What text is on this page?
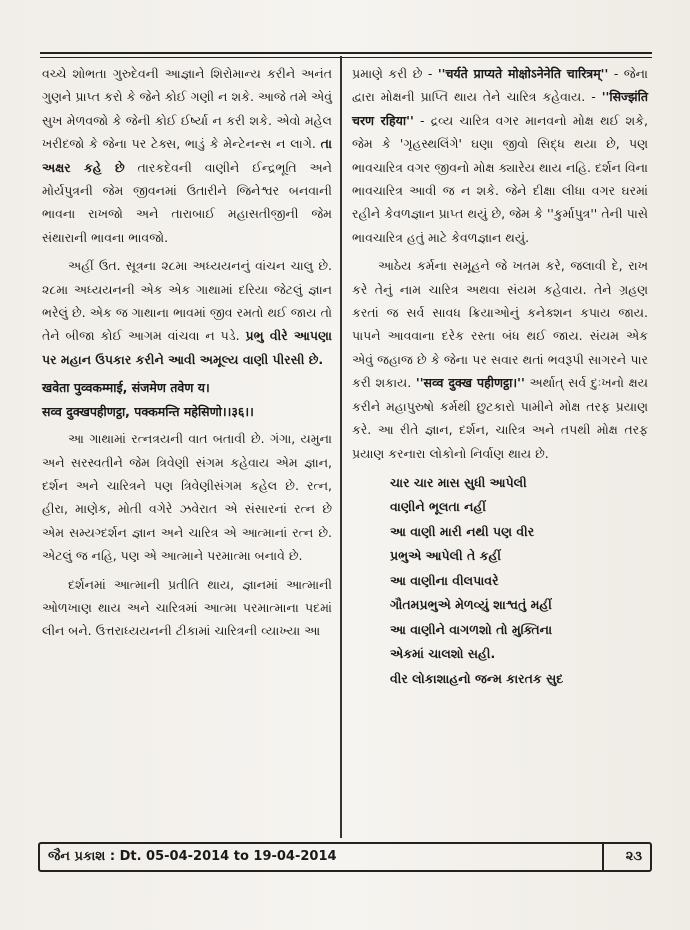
વચ્ચે શોભતા ગુરુદેવની આજ્ઞાને શિરોમાન્ય કરીને અનંત ગુણને પ્રાપ્ત કરો કે જેને કોઈ ગણી ન શકે. આજે તમે એવું સુખ મેળવજો કે જેની કોઈ ઈર્ષ્યા ન કરી શકે. એવો મહેલ ખરીદજો કે જેના પર ટેક્સ, ભાડું કે મેન્ટેનન્સ ન લાગે. તા અક્ષર કહે છે તારકદેવની વાણીને ઈન્દ્રભૂતિ અને મોર્યપુત્રની જેમ જીવનમાં ઉતારીને જિનેશ્વર બનવાની ભાવના રાખજો અને તારાબાઈ મહાસતીજીની જેમ સંથારાની ભાવના ભાવજો.

અહીં ઉત. સૂત્રના ૨૮મા અધ્યયનનું વાંચન ચાલુ છે. ૨૮મા અધ્યયનની એક એક ગાથામાં દરિયા જેટલું જ્ઞાન ભરેલું છે. એક જ ગાથાના ભાવમાં જીવ રમતો થઈ જાય તો તેને બીજા કોઈ આગમ વાંચવા ન પડે. પ્રભુ વીરે આપણા પર મહાન ઉપકાર કરીને આવી અમૂલ્ય વાણી પીરસી છે.

खवेता पुव्वकम्माई, संजमेण तवेण य।
सव्व दुक्खपहीणट्ठा, पक्कमन्ति महेसिणो।।३६।।

આ ગાથામાં રત્નત્રયની વાત બતાવી છે. ગંગા, યમુના અને સરસ્વતીને જેમ ત્રિવેણી સંગમ કહેવાય એમ જ્ઞાન, દર્શન અને ચારિત્રને પણ ત્રિવેણીસંગમ કહેલ છે. રત્ન, હીરા, માણેક, મોતી વગેરે ઝવેરાત એ સંસારનાં રત્ન છે એમ સમ્યગ્દર્શન જ્ઞાન અને ચારિત્ર એ આત્માનાં રત્ન છે. એટલું જ નહિ, પણ એ આત્માને પરમાત્મા બનાવે છે.

દર્શનમાં આત્માની પ્રતીતિ થાય, જ્ઞાનમાં આત્માની ઓળખાણ થાય અને ચારિત્રમાં આત્મા પરમાત્માના પદમાં લીન બને. ઉત્તરાધ્યયનની ટીકામાં ચારિત્રની વ્યાખ્યા આ

પ્રમાણે કરી છે - ''चर्यते प्राप्यते मोक्षोऽनेनेति चारित्रम्'' - જેના દ્વારા મોક્ષની પ્રાપ્તિ થાય તેને ચારિત્ર કહેવાય. - ''सिज्झंति चरण रहिया'' - દ્રવ્ય ચારિત્ર વગર માનવનો મોક્ષ થઈ શકે, જેમ કે 'ગૃહસ્થલિંગે' ઘણા જીવો સિદ્ધ થયા છે, પણ ભાવચારિત્ર વગર જીવનો મોક્ષ ક્યારેય થાય નહિ. દર્શન વિના ભાવચારિત્ર આવી જ ન શકે. જેને દીક્ષા લીધા વગર ઘરમાં રહીને કેવળજ્ઞાન પ્રાપ્ત થયું છે, જેમ કે ''કુર્માપુત્ર'' તેની પાસે ભાવચારિત્ર હતું માટે કેવળજ્ઞાન થયું.

આઠેય કર્મના સમૂહને જે ખતમ કરે, જલાવી દે, રાખ કરે તેનું નામ ચારિત્ર અથવા સંયમ કહેવાય. તેને ગ્રહણ કરતાં જ સર્વ સાવધ ક્રિયાઓનું કનેક્શન કપાય જાય. પાપને આવવાના દરેક રસ્તા બંધ થઈ જાય. સંયમ એક એવું જહાજ છે કે જેના પર સવાર થતાં ભવરૂપી સાગરને પાર કરી શકાય. ''सव्व दुक्ख पहीणट्ठा।'' અર્થાત્ સર્વ દુઃખનો ક્ષય કરીને મહાપુરુષો કર્મથી છુટકારો પામીને મોક્ષ તરફ પ્રયાણ કરે. આ રીતે જ્ઞાન, દર્શન, ચારિત્ર અને તપથી મોક્ષ તરફ પ્રયાણ કરનારા લોકોનો નિર્વાણ થાય છે.

ચાર ચાર માસ સુધી આપેલી
વાણીને ભૂલતા નહીં
આ વાણી મારી નથી પણ વીર
પ્રભુએ આપેલી તે કહીં
આ વાણીના વીલપાવરે
ગૌતમપ્રભુએ મેળવ્યું શાશ્વતું મહીં
આ વાણીને વાગળશો તો મુક્તિના
એકમાં ચાલશો સહી.
વીર લોકાશાહનો જન્મ કારતક સુદ
જૈન પ્રકાશ : Dt. 05-04-2014 to 19-04-2014	૨૩
